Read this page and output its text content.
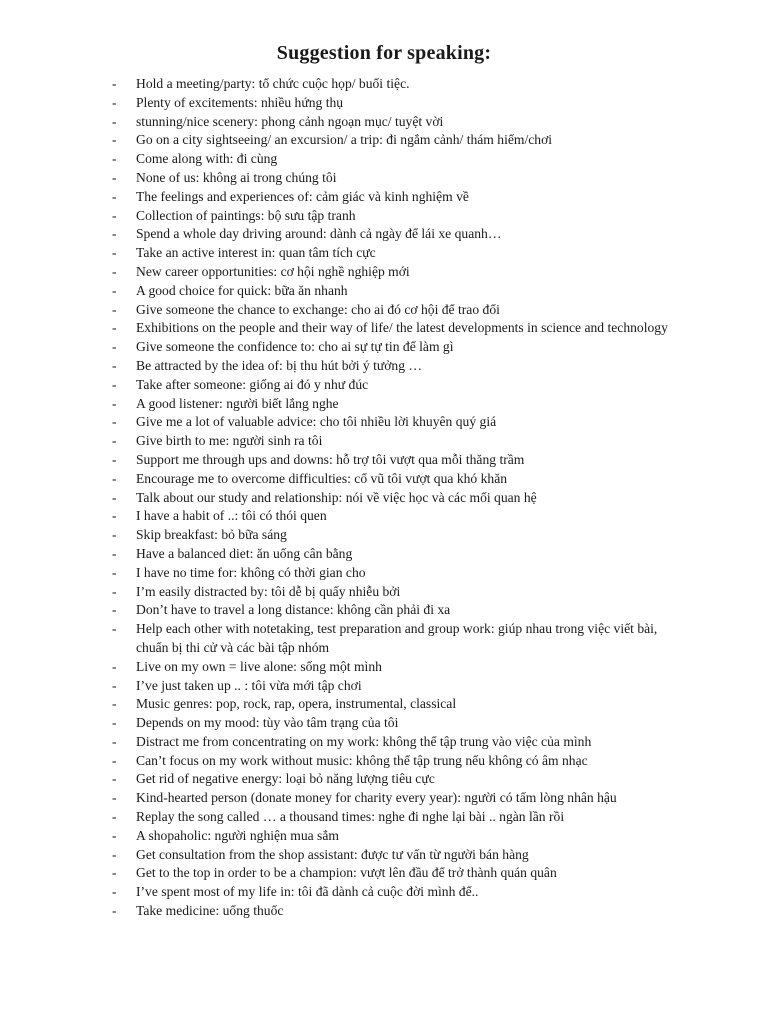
Suggestion for speaking:
- Hold a meeting/party: tổ chức cuộc họp/ buổi tiệc.
- Plenty of excitements: nhiều hứng thụ
- stunning/nice scenery: phong cảnh ngoạn mục/ tuyệt vời
- Go on a city sightseeing/ an excursion/ a trip: đi ngắm cảnh/ thám hiểm/chơi
- Come along with: đi cùng
- None of us: không ai trong chúng tôi
- The feelings and experiences of: cảm giác và kinh nghiệm về
- Collection of paintings: bộ sưu tập tranh
- Spend a whole day driving around: dành cả ngày để lái xe quanh…
- Take an active interest in: quan tâm tích cực
- New career opportunities: cơ hội nghề nghiệp mới
- A good choice for quick: bữa ăn nhanh
- Give someone the chance to exchange: cho ai đó cơ hội để trao đổi
- Exhibitions on the people and their way of life/ the latest developments in science and technology
- Give someone the confidence to: cho ai sự tự tin để làm gì
- Be attracted by the idea of: bị thu hút bởi ý tưởng …
- Take after someone: giống ai đó y như đúc
- A good listener: người biết lắng nghe
- Give me a lot of valuable advice: cho tôi nhiều lời khuyên quý giá
- Give birth to me: người sinh ra tôi
- Support me through ups and downs: hỗ trợ tôi vượt qua mỗi thăng trầm
- Encourage me to overcome difficulties: cổ vũ tôi vượt qua khó khăn
- Talk about our study and relationship: nói về việc học và các mối quan hệ
- I have a habit of ..: tôi có thói quen
- Skip breakfast: bỏ bữa sáng
- Have a balanced diet: ăn uống cân bằng
- I have no time for: không có thời gian cho
- I’m easily distracted by: tôi dễ bị quấy nhiễu bởi
- Don’t have to travel a long distance: không cần phải đi xa
- Help each other with notetaking, test preparation and group work: giúp nhau trong việc viết bài, chuẩn bị thi cử và các bài tập nhóm
- Live on my own = live alone: sống một mình
- I’ve just taken up .. : tôi vừa mới tập chơi
- Music genres: pop, rock, rap, opera, instrumental, classical
- Depends on my mood: tùy vào tâm trạng của tôi
- Distract me from concentrating on my work: không thể tập trung vào việc của mình
- Can’t focus on my work without music: không thể tập trung nếu không có âm nhạc
- Get rid of negative energy: loại bỏ năng lượng tiêu cực
- Kind-hearted person (donate money for charity every year): người có tấm lòng nhân hậu
- Replay the song called … a thousand times: nghe đi nghe lại bài .. ngàn lần rồi
- A shopaholic: người nghiện mua sắm
- Get consultation from the shop assistant: được tư vấn từ người bán hàng
- Get to the top in order to be a champion: vượt lên đầu để trở thành quán quân
- I’ve spent most of my life in: tôi đã dành cả cuộc đời mình để..
- Take medicine: uống thuốc
